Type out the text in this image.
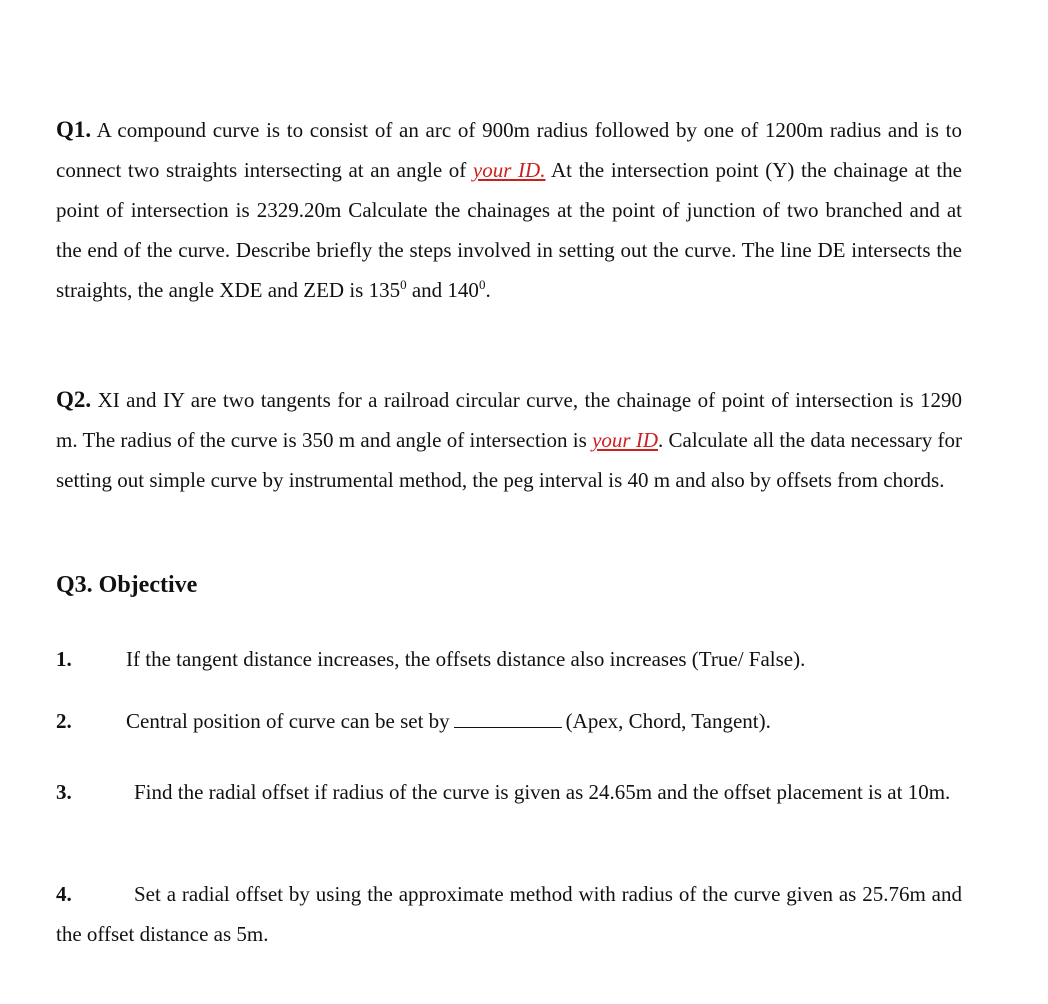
Q1. A compound curve is to consist of an arc of 900m radius followed by one of 1200m radius and is to connect two straights intersecting at an angle of your ID. At the intersection point (Y) the chainage at the point of intersection is 2329.20m Calculate the chainages at the point of junction of two branched and at the end of the curve. Describe briefly the steps involved in setting out the curve. The line DE intersects the straights, the angle XDE and ZED is $135^0$ and $140^0$.
Q2. XI and IY are two tangents for a railroad circular curve, the chainage of point of intersection is 1290 m. The radius of the curve is 350 m and angle of intersection is your ID. Calculate all the data necessary for setting out simple curve by instrumental method, the peg interval is 40 m and also by offsets from chords.
Q3. Objective
1.	If the tangent distance increases, the offsets distance also increases (True/ False).
2.	Central position of curve can be set by	(Apex, Chord, Tangent).
3.	Find the radial offset if radius of the curve is given as 24.65m and the offset placement is at 10m.
4.	Set a radial offset by using the approximate method with radius of the curve given as 25.76m and the offset distance as 5m.
